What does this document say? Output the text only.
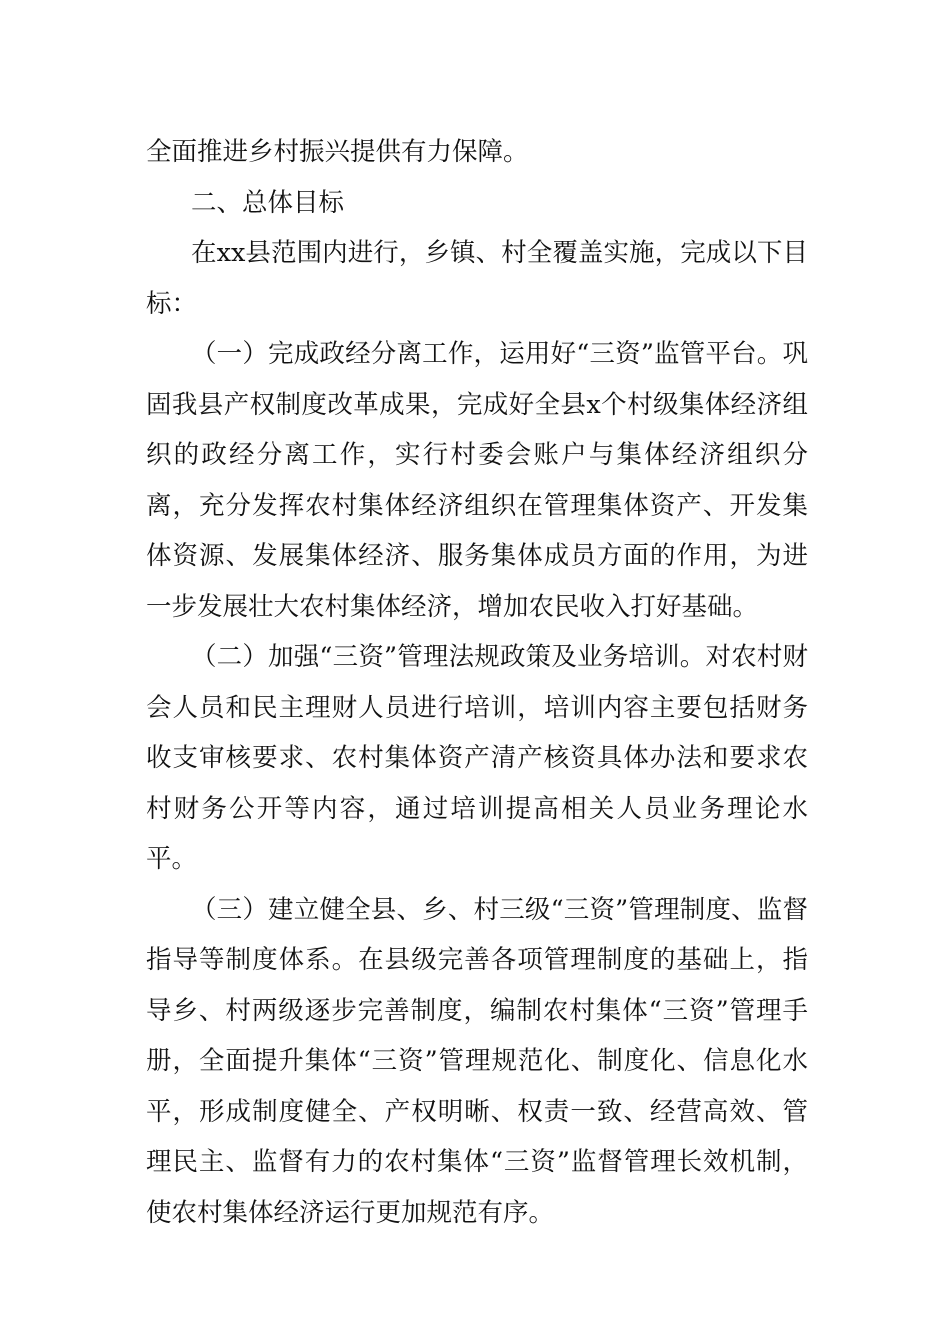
全面推进乡村振兴提供有力保障。

二、总体目标

在xx县范围内进行，乡镇、村全覆盖实施，完成以下目标：

（一）完成政经分离工作，运用好“三资”监管平台。巩固我县产权制度改革成果，完成好全县x个村级集体经济组织的政经分离工作，实行村委会账户与集体经济组织分离，充分发挥农村集体经济组织在管理集体资产、开发集体资源、发展集体经济、服务集体成员方面的作用，为进一步发展壮大农村集体经济，增加农民收入打好基础。

（二）加强“三资”管理法规政策及业务培训。对农村财会人员和民主理财人员进行培训，培训内容主要包括财务收支审核要求、农村集体资产清产核资具体办法和要求农村财务公开等内容，通过培训提高相关人员业务理论水平。

（三）建立健全县、乡、村三级“三资”管理制度、监督指导等制度体系。在县级完善各项管理制度的基础上，指导乡、村两级逐步完善制度，编制农村集体“三资”管理手册，全面提升集体“三资”管理规范化、制度化、信息化水平，形成制度健全、产权明晰、权责一致、经营高效、管理民主、监督有力的农村集体“三资”监督管理长效机制，使农村集体经济运行更加规范有序。
